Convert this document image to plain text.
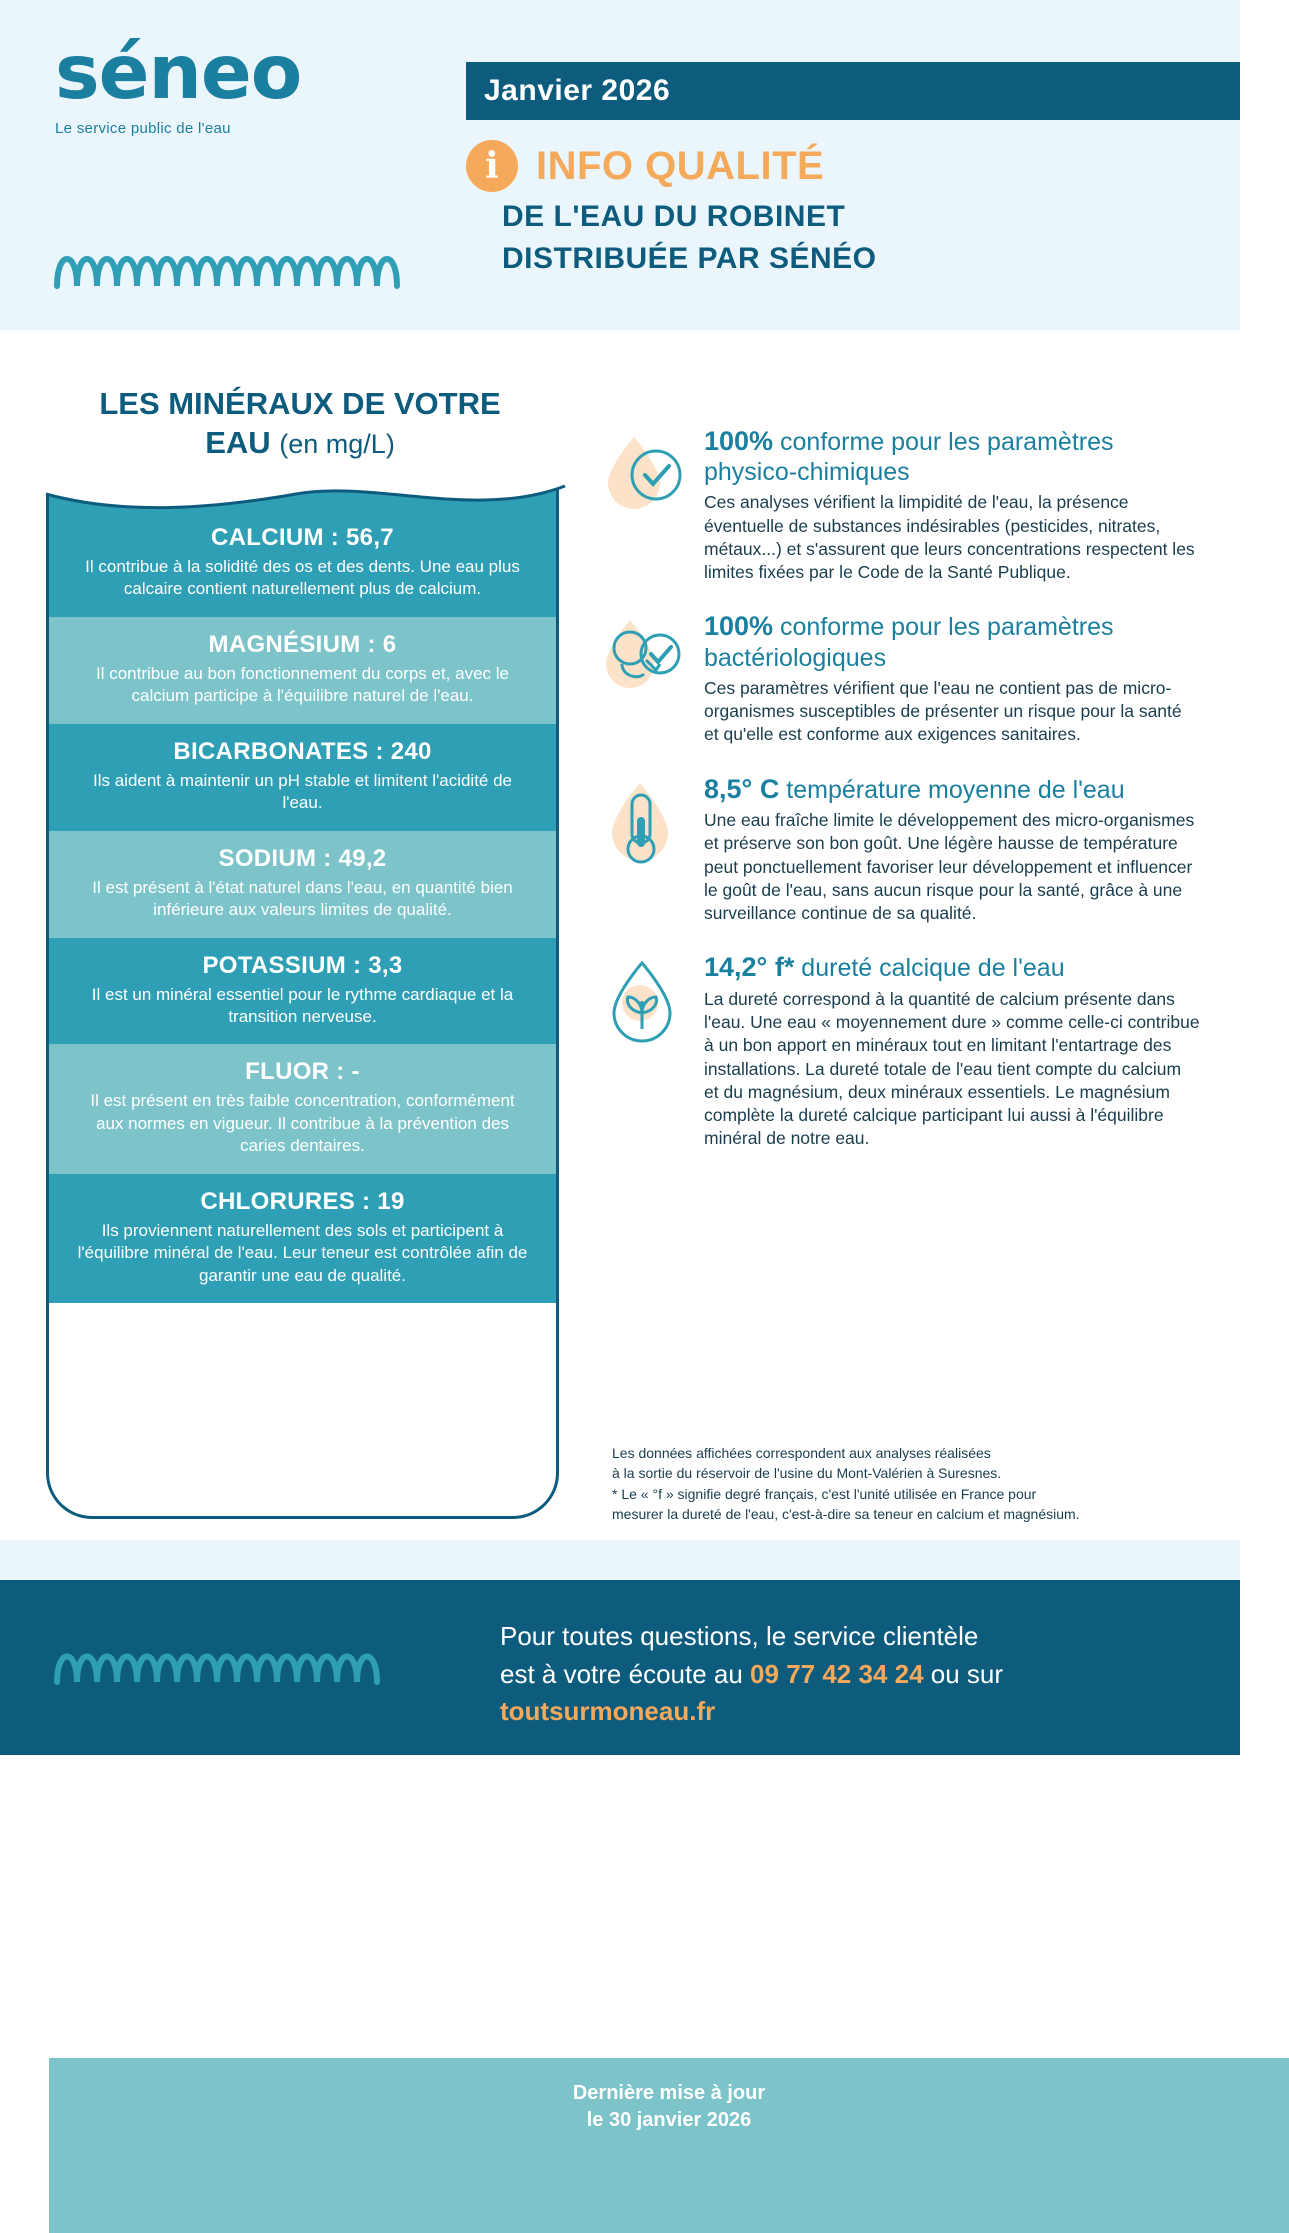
séneo
Le service public de l'eau
Janvier 2026
i INFO QUALITÉ
DE L'EAU DU ROBINET
DISTRIBUÉE PAR SÉNÉO
LES MINÉRAUX DE VOTRE
EAU (en mg/L)
CALCIUM : 56,7
Il contribue à la solidité des os et des dents. Une eau plus calcaire contient naturellement plus de calcium.
MAGNÉSIUM : 6
Il contribue au bon fonctionnement du corps et, avec le calcium participe à l'équilibre naturel de l'eau.
BICARBONATES : 240
Ils aident à maintenir un pH stable et limitent l'acidité de l'eau.
SODIUM : 49,2
Il est présent à l'état naturel dans l'eau, en quantité bien inférieure aux valeurs limites de qualité.
POTASSIUM : 3,3
Il est un minéral essentiel pour le rythme cardiaque et la transition nerveuse.
FLUOR : -
Il est présent en très faible concentration, conformément aux normes en vigueur. Il contribue à la prévention des caries dentaires.
CHLORURES : 19
Ils proviennent naturellement des sols et participent à l'équilibre minéral de l'eau. Leur teneur est contrôlée afin de garantir une eau de qualité.
Dernière mise à jour
le 30 janvier 2026
100% conforme pour les paramètres physico-chimiques
Ces analyses vérifient la limpidité de l'eau, la présence éventuelle de substances indésirables (pesticides, nitrates, métaux...) et s'assurent que leurs concentrations respectent les limites fixées par le Code de la Santé Publique.
100% conforme pour les paramètres bactériologiques
Ces paramètres vérifient que l'eau ne contient pas de micro-organismes susceptibles de présenter un risque pour la santé et qu'elle est conforme aux exigences sanitaires.
8,5° C température moyenne de l'eau
Une eau fraîche limite le développement des micro-organismes et préserve son bon goût. Une légère hausse de température peut ponctuellement favoriser leur développement et influencer le goût de l'eau, sans aucun risque pour la santé, grâce à une surveillance continue de sa qualité.
14,2° f* dureté calcique de l'eau
La dureté correspond à la quantité de calcium présente dans l'eau. Une eau « moyennement dure » comme celle-ci contribue à un bon apport en minéraux tout en limitant l'entartrage des installations. La dureté totale de l'eau tient compte du calcium et du magnésium, deux minéraux essentiels. Le magnésium complète la dureté calcique participant lui aussi à l'équilibre minéral de notre eau.
Les données affichées correspondent aux analyses réalisées
à la sortie du réservoir de l'usine du Mont-Valérien à Suresnes.
* Le « °f » signifie degré français, c'est l'unité utilisée en France pour
mesurer la dureté de l'eau, c'est-à-dire sa teneur en calcium et magnésium.
Pour toutes questions, le service clientèle
est à votre écoute au 09 77 42 34 24 ou sur
toutsurmoneau.fr
